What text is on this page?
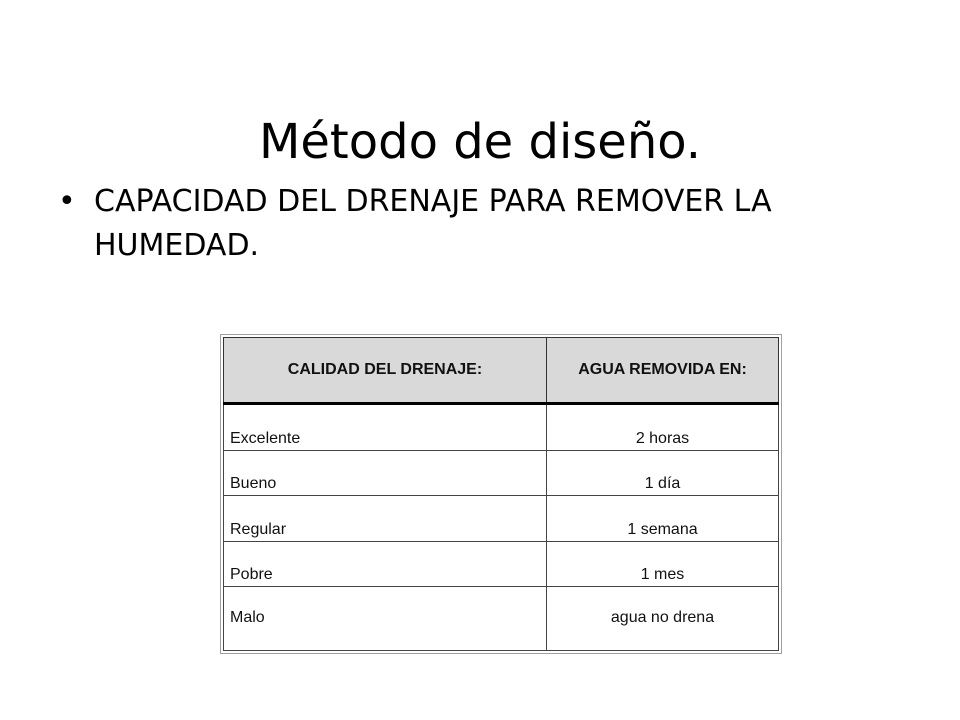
Método de diseño.
• CAPACIDAD DEL DRENAJE PARA REMOVER LA HUMEDAD.
CALIDAD DEL DRENAJE:	AGUA REMOVIDA EN:
Excelente	2 horas
Bueno	1 día
Regular	1 semana
Pobre	1 mes
Malo	agua no drena
